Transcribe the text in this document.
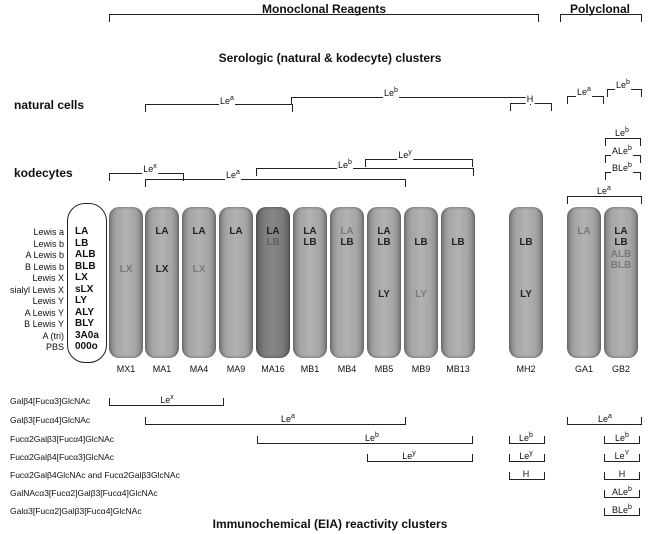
Monoclonal Reagents	Polyclonal
Serologic (natural & kodecyte) clusters
natural cells
kodecytes
Le$^a$
Le$^b$
H
Le$^a$	Le$^b$
Le$^x$	Le$^b$
Le$^y$
Le$^a$
Le$^b$
ALe$^b$
BLe$^b$
Le$^a$
Lewis a LA
Lewis b LB
A Lewis b ALB
B Lewis b BLB
Lewis X LX
sialyl Lewis X sLX
Lewis Y LY
A Lewis Y ALY
B Lewis Y BLY
A (tri) 3A0a
PBS 000o
LX
MX1
LA
LX
MA1
LA
LX
MA4
LA
MA9
LA
LB
MA16
LA
LB
MB1
LA
LB
MB4
LA
LB
LY
MB5
LB
LY
MB9
LB
MB13
LB
LY
MH2
LA
GA1
LA
LB
ALB
BLB
GB2
Galβ4[Fucα3]GlcNAc	Le$^x$
Galβ3[Fucα4]GlcNAc	Le$^a$	Le$^a$
Fucα2Galβ3[Fucα4]GlcNAc	Le$^b$	Le$^b$	Le$^b$
Fucα2Galβ4[Fucα3]GlcNAc	Le$^y$	Le$^y$	$Le^Y$
Fucα2Galβ4GlcNAc and Fucα2Galβ3GlcNAc	H	H
GalNAcα3[Fucα2]Galβ3[Fucα4]GlcNAc	ALe$^b$
Galα3[Fucα2]Galβ3[Fucα4]GlcNAc	BLe$^b$
Immunochemical (EIA) reactivity clusters
